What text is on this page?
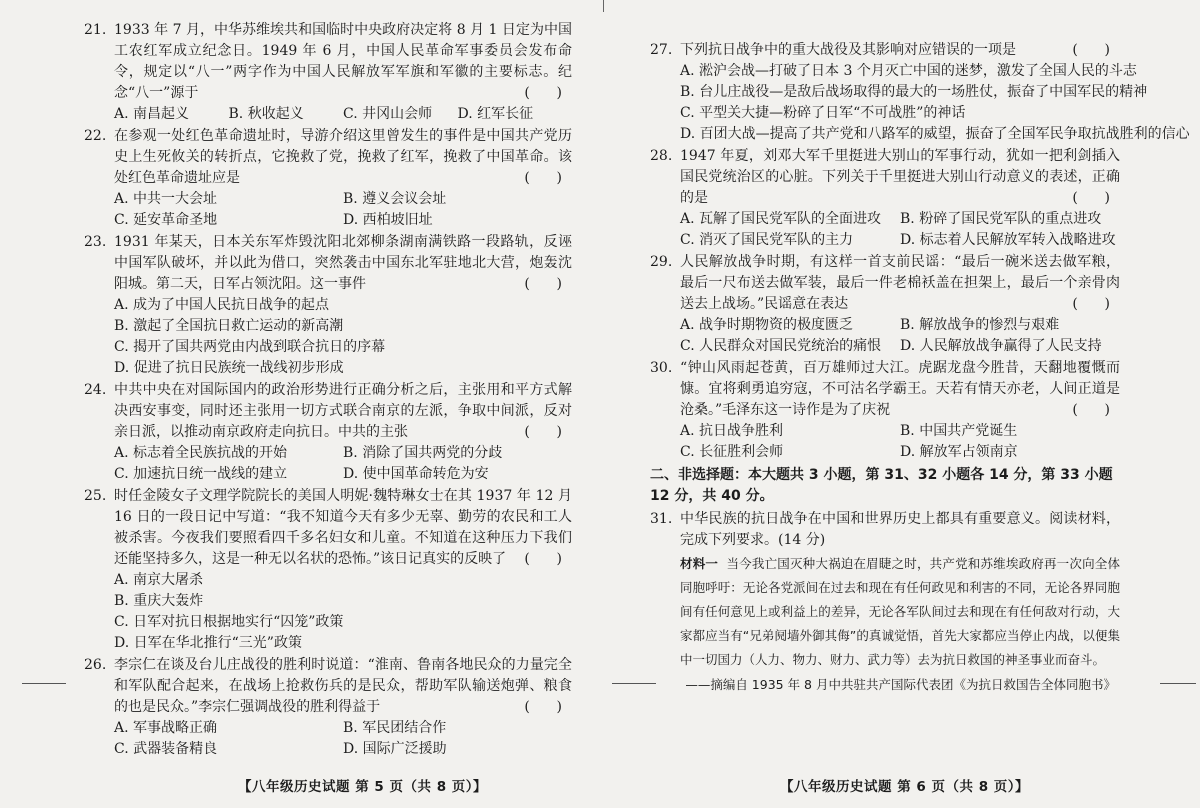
21. 1933 年 7 月，中华苏维埃共和国临时中央政府决定将 8 月 1 日定为中国工农红军成立纪念日。1949 年 6 月，中国人民革命军事委员会发布命令，规定以“八一”两字作为中国人民解放军军旗和军徽的主要标志。纪念“八一”源于	(      )
A. 南昌起义	B. 秋收起义	C. 井冈山会师	D. 红军长征
22. 在参观一处红色革命遗址时，导游介绍这里曾发生的事件是中国共产党历史上生死攸关的转折点，它挽救了党，挽救了红军，挽救了中国革命。该处红色革命遗址应是	(      )
A. 中共一大会址	B. 遵义会议会址
C. 延安革命圣地	D. 西柏坡旧址
23. 1931 年某天，日本关东军炸毁沈阳北郊柳条湖南满铁路一段路轨，反诬中国军队破坏，并以此为借口，突然袭击中国东北军驻地北大营，炮轰沈阳城。第二天，日军占领沈阳。这一事件	(      )
A. 成为了中国人民抗日战争的起点
B. 激起了全国抗日救亡运动的新高潮
C. 揭开了国共两党由内战到联合抗日的序幕
D. 促进了抗日民族统一战线初步形成
24. 中共中央在对国际国内的政治形势进行正确分析之后，主张用和平方式解决西安事变，同时还主张用一切方式联合南京的左派，争取中间派，反对亲日派，以推动南京政府走向抗日。中共的主张	(      )
A. 标志着全民族抗战的开始	B. 消除了国共两党的分歧
C. 加速抗日统一战线的建立	D. 使中国革命转危为安
25. 时任金陵女子文理学院院长的美国人明妮·魏特琳女士在其 1937 年 12 月 16 日的一段日记中写道：“我不知道今天有多少无辜、勤劳的农民和工人被杀害。今夜我们要照看四千多名妇女和儿童。不知道在这种压力下我们还能坚持多久，这是一种无以名状的恐怖。”该日记真实的反映了 (      )
A. 南京大屠杀
B. 重庆大轰炸
C. 日军对抗日根据地实行“囚笼”政策
D. 日军在华北推行“三光”政策
26. 李宗仁在谈及台儿庄战役的胜利时说道：“淮南、鲁南各地民众的力量完全和军队配合起来，在战场上抢救伤兵的是民众，帮助军队输送炮弹、粮食的也是民众。”李宗仁强调战役的胜利得益于	(      )
A. 军事战略正确	B. 军民团结合作
C. 武器装备精良	D. 国际广泛援助
【八年级历史试题 第 5 页（共 8 页）】
27. 下列抗日战争中的重大战役及其影响对应错误的一项是	(      )
A. 淞沪会战—打破了日本 3 个月灭亡中国的迷梦，激发了全国人民的斗志
B. 台儿庄战役—是敌后战场取得的最大的一场胜仗，振奋了中国军民的精神
C. 平型关大捷—粉碎了日军“不可战胜”的神话
D. 百团大战—提高了共产党和八路军的威望，振奋了全国军民争取抗战胜利的信心
28. 1947 年夏，刘邓大军千里挺进大别山的军事行动，犹如一把利剑插入国民党统治区的心脏。下列关于千里挺进大别山行动意义的表述，正确的是	(      )
A. 瓦解了国民党军队的全面进攻	B. 粉碎了国民党军队的重点进攻
C. 消灭了国民党军队的主力	D. 标志着人民解放军转入战略进攻
29. 人民解放战争时期，有这样一首支前民谣：“最后一碗米送去做军粮，最后一尺布送去做军装，最后一件老棉袄盖在担架上，最后一个亲骨肉送去上战场。”民谣意在表达	(      )
A. 战争时期物资的极度匮乏	B. 解放战争的惨烈与艰难
C. 人民群众对国民党统治的痛恨	D. 人民解放战争赢得了人民支持
30. “钟山风雨起苍黄，百万雄师过大江。虎踞龙盘今胜昔，天翻地覆慨而慷。宜将剩勇追穷寇，不可沽名学霸王。天若有情天亦老，人间正道是沧桑。”毛泽东这一诗作是为了庆祝	(      )
A. 抗日战争胜利	B. 中国共产党诞生
C. 长征胜利会师	D. 解放军占领南京
二、非选择题：本大题共 3 小题，第 31、32 小题各 14 分，第 33 小题 12 分，共 40 分。
31. 中华民族的抗日战争在中国和世界历史上都具有重要意义。阅读材料，完成下列要求。(14 分)
材料一 当今我亡国灭种大祸迫在眉睫之时，共产党和苏维埃政府再一次向全体同胞呼吁：无论各党派间在过去和现在有任何政见和利害的不同，无论各界同胞间有任何意见上或利益上的差异，无论各军队间过去和现在有任何敌对行动，大家都应当有“兄弟阋墙外御其侮”的真诚觉悟，首先大家都应当停止内战，以便集中一切国力（人力、物力、财力、武力等）去为抗日救国的神圣事业而奋斗。
——摘编自 1935 年 8 月中共驻共产国际代表团《为抗日救国告全体同胞书》
【八年级历史试题 第 6 页（共 8 页）】
